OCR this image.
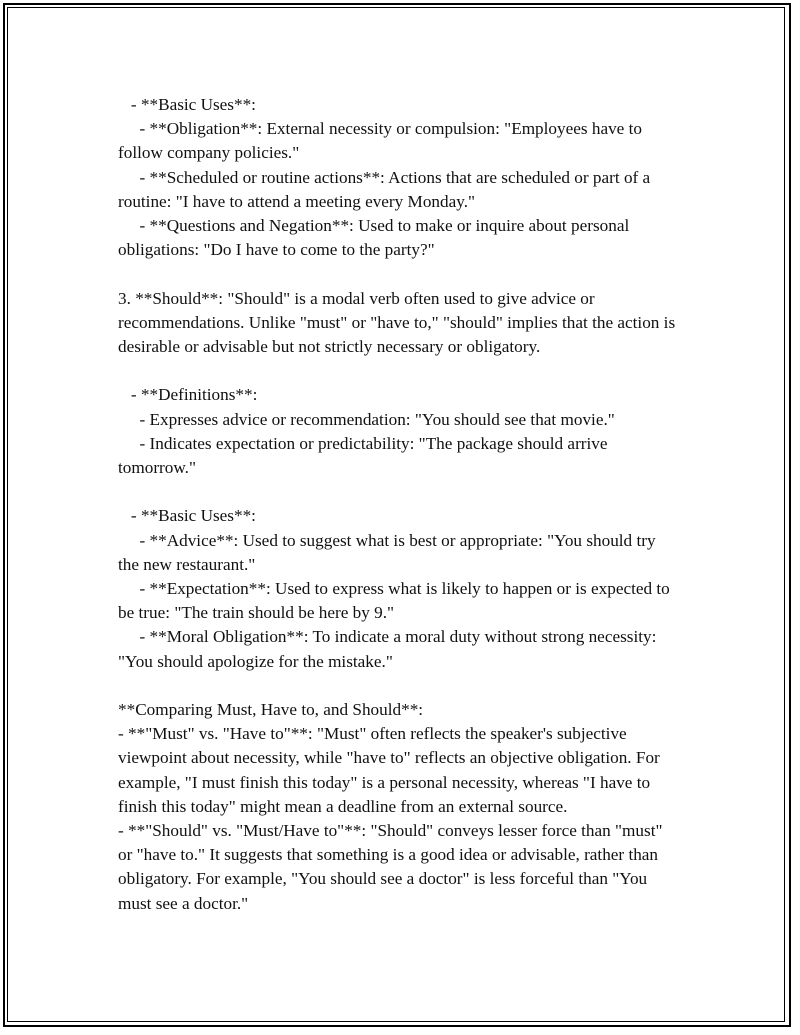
- **Basic Uses**:

- **Obligation**: External necessity or compulsion: "Employees have to follow company policies."

- **Scheduled or routine actions**: Actions that are scheduled or part of a routine: "I have to attend a meeting every Monday."

- **Questions and Negation**: Used to make or inquire about personal obligations: "Do I have to come to the party?"

3. **Should**: "Should" is a modal verb often used to give advice or recommendations. Unlike "must" or "have to," "should" implies that the action is desirable or advisable but not strictly necessary or obligatory.

- **Definitions**:

- Expresses advice or recommendation: "You should see that movie."

- Indicates expectation or predictability: "The package should arrive tomorrow."

- **Basic Uses**:

- **Advice**: Used to suggest what is best or appropriate: "You should try the new restaurant."

- **Expectation**: Used to express what is likely to happen or is expected to be true: "The train should be here by 9."

- **Moral Obligation**: To indicate a moral duty without strong necessity: "You should apologize for the mistake."

**Comparing Must, Have to, and Should**:

- **"Must" vs. "Have to"**: "Must" often reflects the speaker's subjective viewpoint about necessity, while "have to" reflects an objective obligation. For example, "I must finish this today" is a personal necessity, whereas "I have to finish this today" might mean a deadline from an external source.

- **"Should" vs. "Must/Have to"**: "Should" conveys lesser force than "must" or "have to." It suggests that something is a good idea or advisable, rather than obligatory. For example, "You should see a doctor" is less forceful than "You must see a doctor."
